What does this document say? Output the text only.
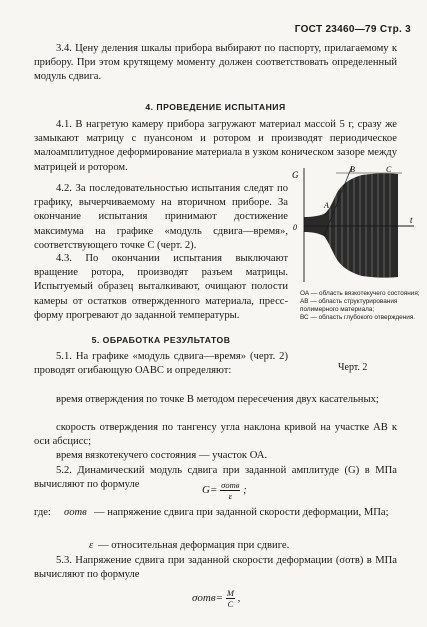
ГОСТ 23460—79 Стр. 3
3.4. Цену деления шкалы прибора выбирают по паспорту, прилагаемому к прибору. При этом крутящему моменту должен соответствовать определенный модуль сдвига.
4. ПРОВЕДЕНИЕ ИСПЫТАНИЯ
4.1. В нагретую камеру прибора загружают материал массой 5 г, сразу же замыкают матрицу с пуансоном и ротором и производят периодическое малоамплитудное деформирование материала в узком коническом зазоре между матрицей и ротором.
4.2. За последовательностью испытания следят по графику, вычерчиваемому на вторичном приборе. За окончание испытания принимают достижение максимума на графике «модуль сдвига—время», соответствующего точке С (черт. 2).
4.3. По окончании испытания выключают вращение ротора, производят разъем матрицы. Испытуемый образец выталкивают, очищают полости камеры от остатков отвержденного материала, пресс-форму прогревают до заданной температуры.
G
t
A
B	C
0
ОА — область вязкотекучего состояния;
АВ — область структурирования полимерного материала;
ВС — область глубокого отверждения.
5. ОБРАБОТКА РЕЗУЛЬТАТОВ
5.1. На графике «модуль сдвига—время» (черт. 2) проводят огибающую ОАВС и определяют:	Черт. 2
время отверждения по точке В методом пересечения двух касательных;
скорость отверждения по тангенсу угла наклона кривой на участке АВ к оси абсцисс;
время вязкотекучего состояния — участок ОА.
5.2. Динамический модуль сдвига при заданной амплитуде (G) в МПа вычисляют по формуле	$G= \frac{\text{σотв}}{\varepsilon}$ ;
где:	σотв — напряжение сдвига при заданной скорости деформации, МПа;
ε — относительная деформация при сдвиге.
5.3. Напряжение сдвига при заданной скорости деформации (σотв) в МПа вычисляют по формуле
$\sigma отв= \frac{M}{C}$ ,
